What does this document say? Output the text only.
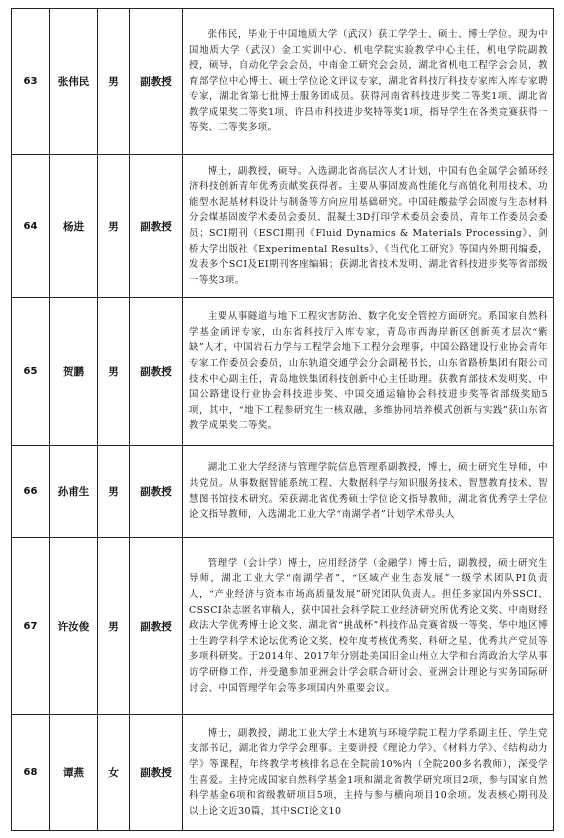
63	张伟民	男	副教授	张伟民，毕业于中国地质大学（武汉）获工学学士、硕士、博士学位。现为中国地质大学（武汉）金工实训中心、机电学院实验教学中心主任，机电学院副教授，硕导，自动化学会会员，中南金工研究会会员，湖北省机电工程学会会员，教育部学位中心博士、硕士学位论文评议专家，湖北省科技厅科技专家库入库专家聘专家，湖北省第七批博士服务团成员。获得河南省科技进步奖二等奖1项、湖北省教学成果奖二等奖1项、许昌市科技进步奖特等奖1项，指导学生在各类竞赛获得一等奖、二等奖多项。
64	杨进	男	副教授	博士，副教授，硕导。入选湖北省高层次人才计划，中国有色金属学会循环经济科技创新青年优秀贡献奖获得者。主要从事固废高性能化与高值化利用技术、功能型水泥基材料设计与制备等方向应用基础研究。中国硅酸盐学会固废与生态材料分会煤基固废学术委员会委员、混凝土3D打印学术委员会委员、青年工作委员会委员；SCI期刊（ESCI期刊《Fluid Dynamics & Materials Processing》、剑桥大学出版社《Experimental Results》、《当代化工研究》等国内外期刊编委，发表多个SCI及EI期刊客座编辑；获湖北省技术发明、湖北省科技进步奖等省部级一等奖3项。
65	贺鹏	男	副教授	主要从事隧道与地下工程灾害防治、数字化安全管控方面研究。系国家自然科学基金函评专家，山东省科技厅入库专家，青岛市西海岸新区创新英才层次“紫缺”人才，中国岩石力学与工程学会地下工程分会理事，中国公路建设行业协会青年专家工作委员会委员，山东轨道交通学会分会副秘书长，山东省路桥集团有限公司技术中心副主任，青岛地铁集团科技创新中心主任助理。获教育部技术发明奖、中国公路建设行业协会科技进步奖、中国交通运输协会科技进步奖等省部级奖励5项，其中，“地下工程参研究生一核双融，多维协同培养模式创新与实践”获山东省教学成果奖二等奖。
66	孙甫生	男	副教授	湖北工业大学经济与管理学院信息管理系副教授，博士，硕士研究生导师，中共党员。从事数据智能系统工程、大数据科学与知识服务技术、智慧教育技术、智慧图书馆技术研究。荣获湖北省优秀硕士学位论文指导教师，湖北省优秀学士学位论文指导教师，入选湖北工业大学“南湖学者”计划学术带头人
67	许汝俊	男	副教授	管理学（会计学）博士，应用经济学（金融学）博士后，副教授，硕士研究生导师，湖北工业大学“南湖学者”，“区域产业生态发展”一级学术团队PI负责人，“产业经济与资本市场高质量发展”研究团队负责人。担任多家国内外SSCI、CSSCI杂志匿名审稿人，获中国社会科学院工业经济研究所优秀论文奖、中南财经政法大学优秀博士论文奖、湖北省“挑战杯”科技作品竞赛省级一等奖、华中地区博士生跨学科学术论坛优秀论文奖、校年度考核优秀奖、科研之星、优秀共产党员等多项科研奖。于2014年、2017年分别赴美国旧金山州立大学和台湾政治大学从事访学研修工作，并受邀参加亚洲会计学会联合研讨会、亚洲会计理论与实务国际研讨会、中国管理学年会等多项国内外重要会议。
68	谭燕	女	副教授	博士，副教授，湖北工业大学土木建筑与环境学院工程力学系副主任、学生党支部书记，湖北省力学学会理事。主要讲授《理论力学》、《材料力学》、《结构动力学》等课程，年终教学考核排名总在全院前10%内（全院200多名教师），深受学生喜爱。主持完成国家自然科学基金1项和湖北省教学研究项目2项，参与国家自然科学基金6项和省级教研项目5项，主持与参与横向项目10余项。发表核心期刊及以上论文近30篇，其中SCI论文10
